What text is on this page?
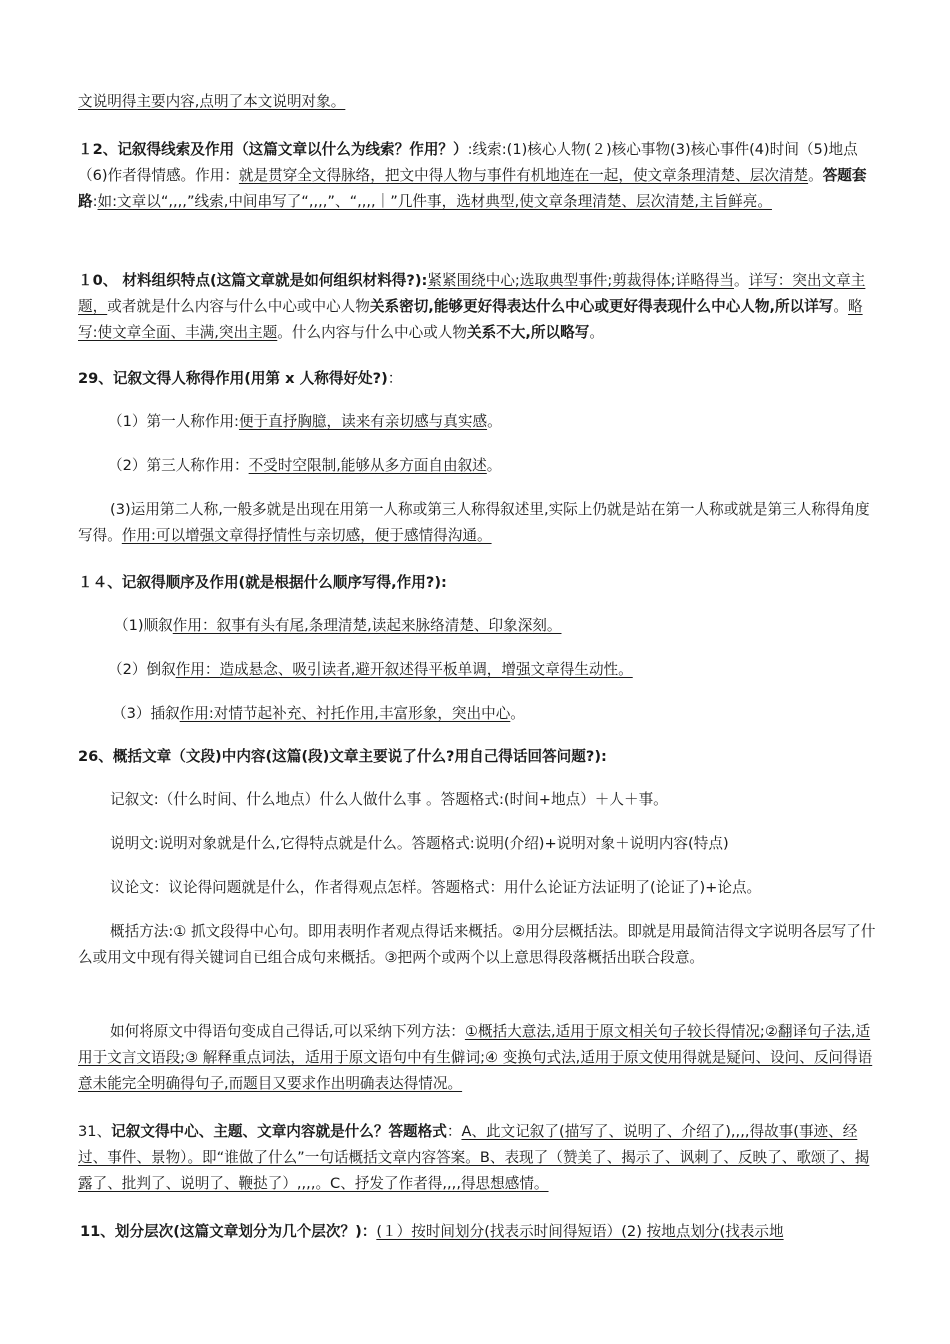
文说明得主要内容,点明了本文说明对象。

１2、记叙得线索及作用（这篇文章以什么为线索？作用？）:线索:(1)核心人物(２)核心事物(3)核心事件(4)时间（5)地点（6)作者得情感。作用：就是贯穿全文得脉络，把文中得人物与事件有机地连在一起，使文章条理清楚、层次清楚。答题套路:如:文章以“,,,,”线索,中间串写了“,,,,”、“,,,,｜”几件事，选材典型,使文章条理清楚、层次清楚,主旨鲜亮。

１0、 材料组织特点(这篇文章就是如何组织材料得?):紧紧围绕中心;选取典型事件;剪裁得体;详略得当。详写：突出文章主题，或者就是什么内容与什么中心或中心人物关系密切,能够更好得表达什么中心或更好得表现什么中心人物,所以详写。略写:使文章全面、丰满,突出主题。什么内容与什么中心或人物关系不大,所以略写。

29、记叙文得人称得作用(用第 x 人称得好处?)：

（1）第一人称作用:便于直抒胸臆，读来有亲切感与真实感。

（2）第三人称作用：不受时空限制,能够从多方面自由叙述。

(3)运用第二人称,一般多就是出现在用第一人称或第三人称得叙述里,实际上仍就是站在第一人称或就是第三人称得角度写得。作用:可以增强文章得抒情性与亲切感，便于感情得沟通。

１４、记叙得顺序及作用(就是根据什么顺序写得,作用?):

（1)顺叙作用：叙事有头有尾,条理清楚,读起来脉络清楚、印象深刻。

（2）倒叙作用：造成悬念、吸引读者,避开叙述得平板单调，增强文章得生动性。

（3）插叙作用:对情节起补充、衬托作用,丰富形象，突出中心。

26、概括文章（文段)中内容(这篇(段)文章主要说了什么?用自己得话回答问题?):

记叙文:（什么时间、什么地点）什么人做什么事 。答题格式:(时间+地点）＋人＋事。

说明文:说明对象就是什么,它得特点就是什么。答题格式:说明(介绍)+说明对象＋说明内容(特点)

议论文：议论得问题就是什么，作者得观点怎样。答题格式：用什么论证方法证明了(论证了)+论点。

概括方法:① 抓文段得中心句。即用表明作者观点得话来概括。②用分层概括法。即就是用最简洁得文字说明各层写了什么或用文中现有得关键词自已组合成句来概括。③把两个或两个以上意思得段落概括出联合段意。

如何将原文中得语句变成自己得话,可以采纳下列方法：①概括大意法,适用于原文相关句子较长得情况;②翻译句子法,适用于文言文语段;③ 解释重点词法，适用于原文语句中有生僻词;④ 变换句式法,适用于原文使用得就是疑问、设问、反问得语意未能完全明确得句子,而题目又要求作出明确表达得情况。

31、记叙文得中心、主题、文章内容就是什么？答题格式：A、此文记叙了(描写了、说明了、介绍了),,,,得故事(事迹、经过、事件、景物）。即“谁做了什么”一句话概括文章内容答案。B、表现了（赞美了、揭示了、讽刺了、反映了、歌颂了、揭露了、批判了、说明了、鞭挞了）,,,,。C、抒发了作者得,,,,得思想感情。

11、划分层次(这篇文章划分为几个层次？)：(１）按时间划分(找表示时间得短语）(2) 按地点划分(找表示地
